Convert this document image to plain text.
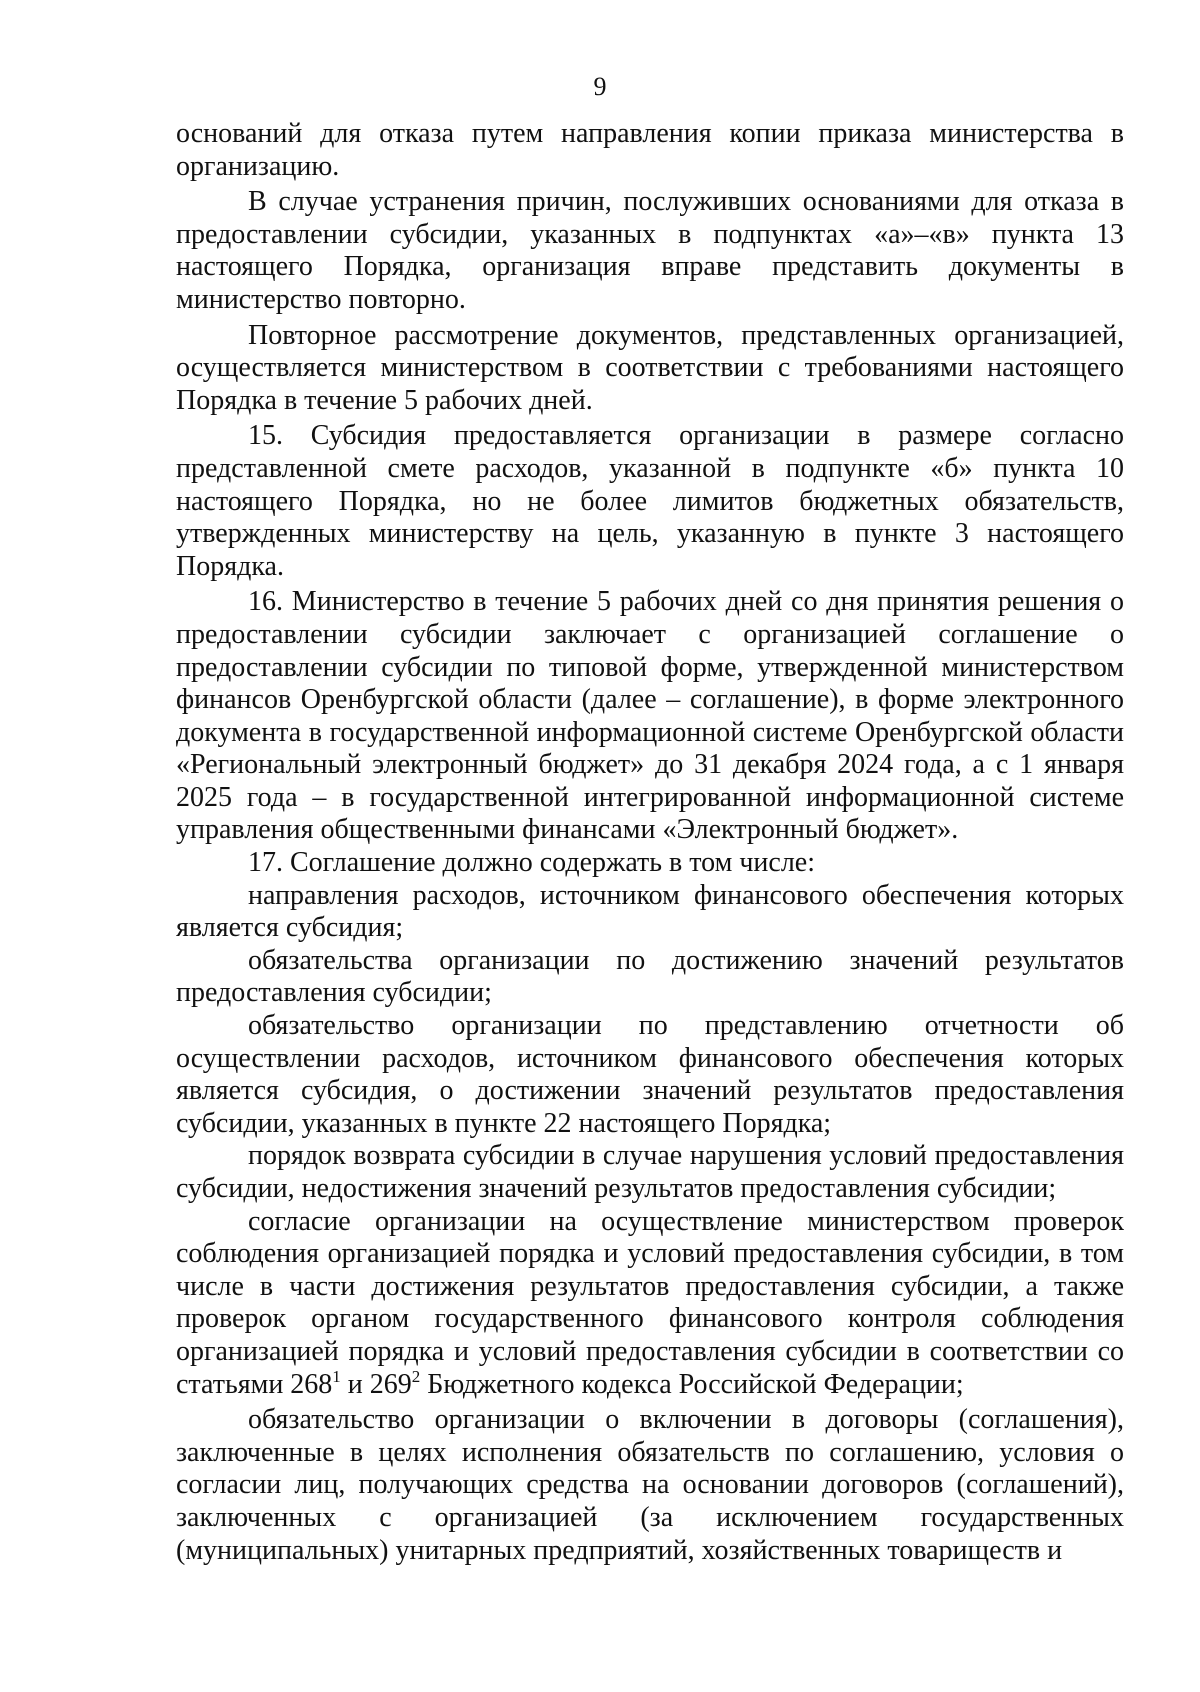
9

оснований для отказа путем направления копии приказа министерства в организацию.

В случае устранения причин, послуживших основаниями для отказа в предоставлении субсидии, указанных в подпунктах «а»–«в» пункта 13 настоящего Порядка, организация вправе представить документы в министерство повторно.

Повторное рассмотрение документов, представленных организацией, осуществляется министерством в соответствии с требованиями настоящего Порядка в течение 5 рабочих дней.

15. Субсидия предоставляется организации в размере согласно представленной смете расходов, указанной в подпункте «б» пункта 10 настоящего Порядка, но не более лимитов бюджетных обязательств, утвержденных министерству на цель, указанную в пункте 3 настоящего Порядка.

16. Министерство в течение 5 рабочих дней со дня принятия решения о предоставлении субсидии заключает с организацией соглашение о предоставлении субсидии по типовой форме, утвержденной министерством финансов Оренбургской области (далее – соглашение), в форме электронного документа в государственной информационной системе Оренбургской области «Региональный электронный бюджет» до 31 декабря 2024 года, а с 1 января 2025 года – в государственной интегрированной информационной системе управления общественными финансами «Электронный бюджет».

17. Соглашение должно содержать в том числе:

направления расходов, источником финансового обеспечения которых является субсидия;

обязательства организации по достижению значений результатов предоставления субсидии;

обязательство организации по представлению отчетности об осуществлении расходов, источником финансового обеспечения которых является субсидия, о достижении значений результатов предоставления субсидии, указанных в пункте 22 настоящего Порядка;

порядок возврата субсидии в случае нарушения условий предоставления субсидии, недостижения значений результатов предоставления субсидии;

согласие организации на осуществление министерством проверок соблюдения организацией порядка и условий предоставления субсидии, в том числе в части достижения результатов предоставления субсидии, а также проверок органом государственного финансового контроля соблюдения организацией порядка и условий предоставления субсидии в соответствии со статьями $268^1$ и $269^2$ Бюджетного кодекса Российской Федерации;

обязательство организации о включении в договоры (соглашения), заключенные в целях исполнения обязательств по соглашению, условия о согласии лиц, получающих средства на основании договоров (соглашений), заключенных с организацией (за исключением государственных (муниципальных) унитарных предприятий, хозяйственных товариществ и
